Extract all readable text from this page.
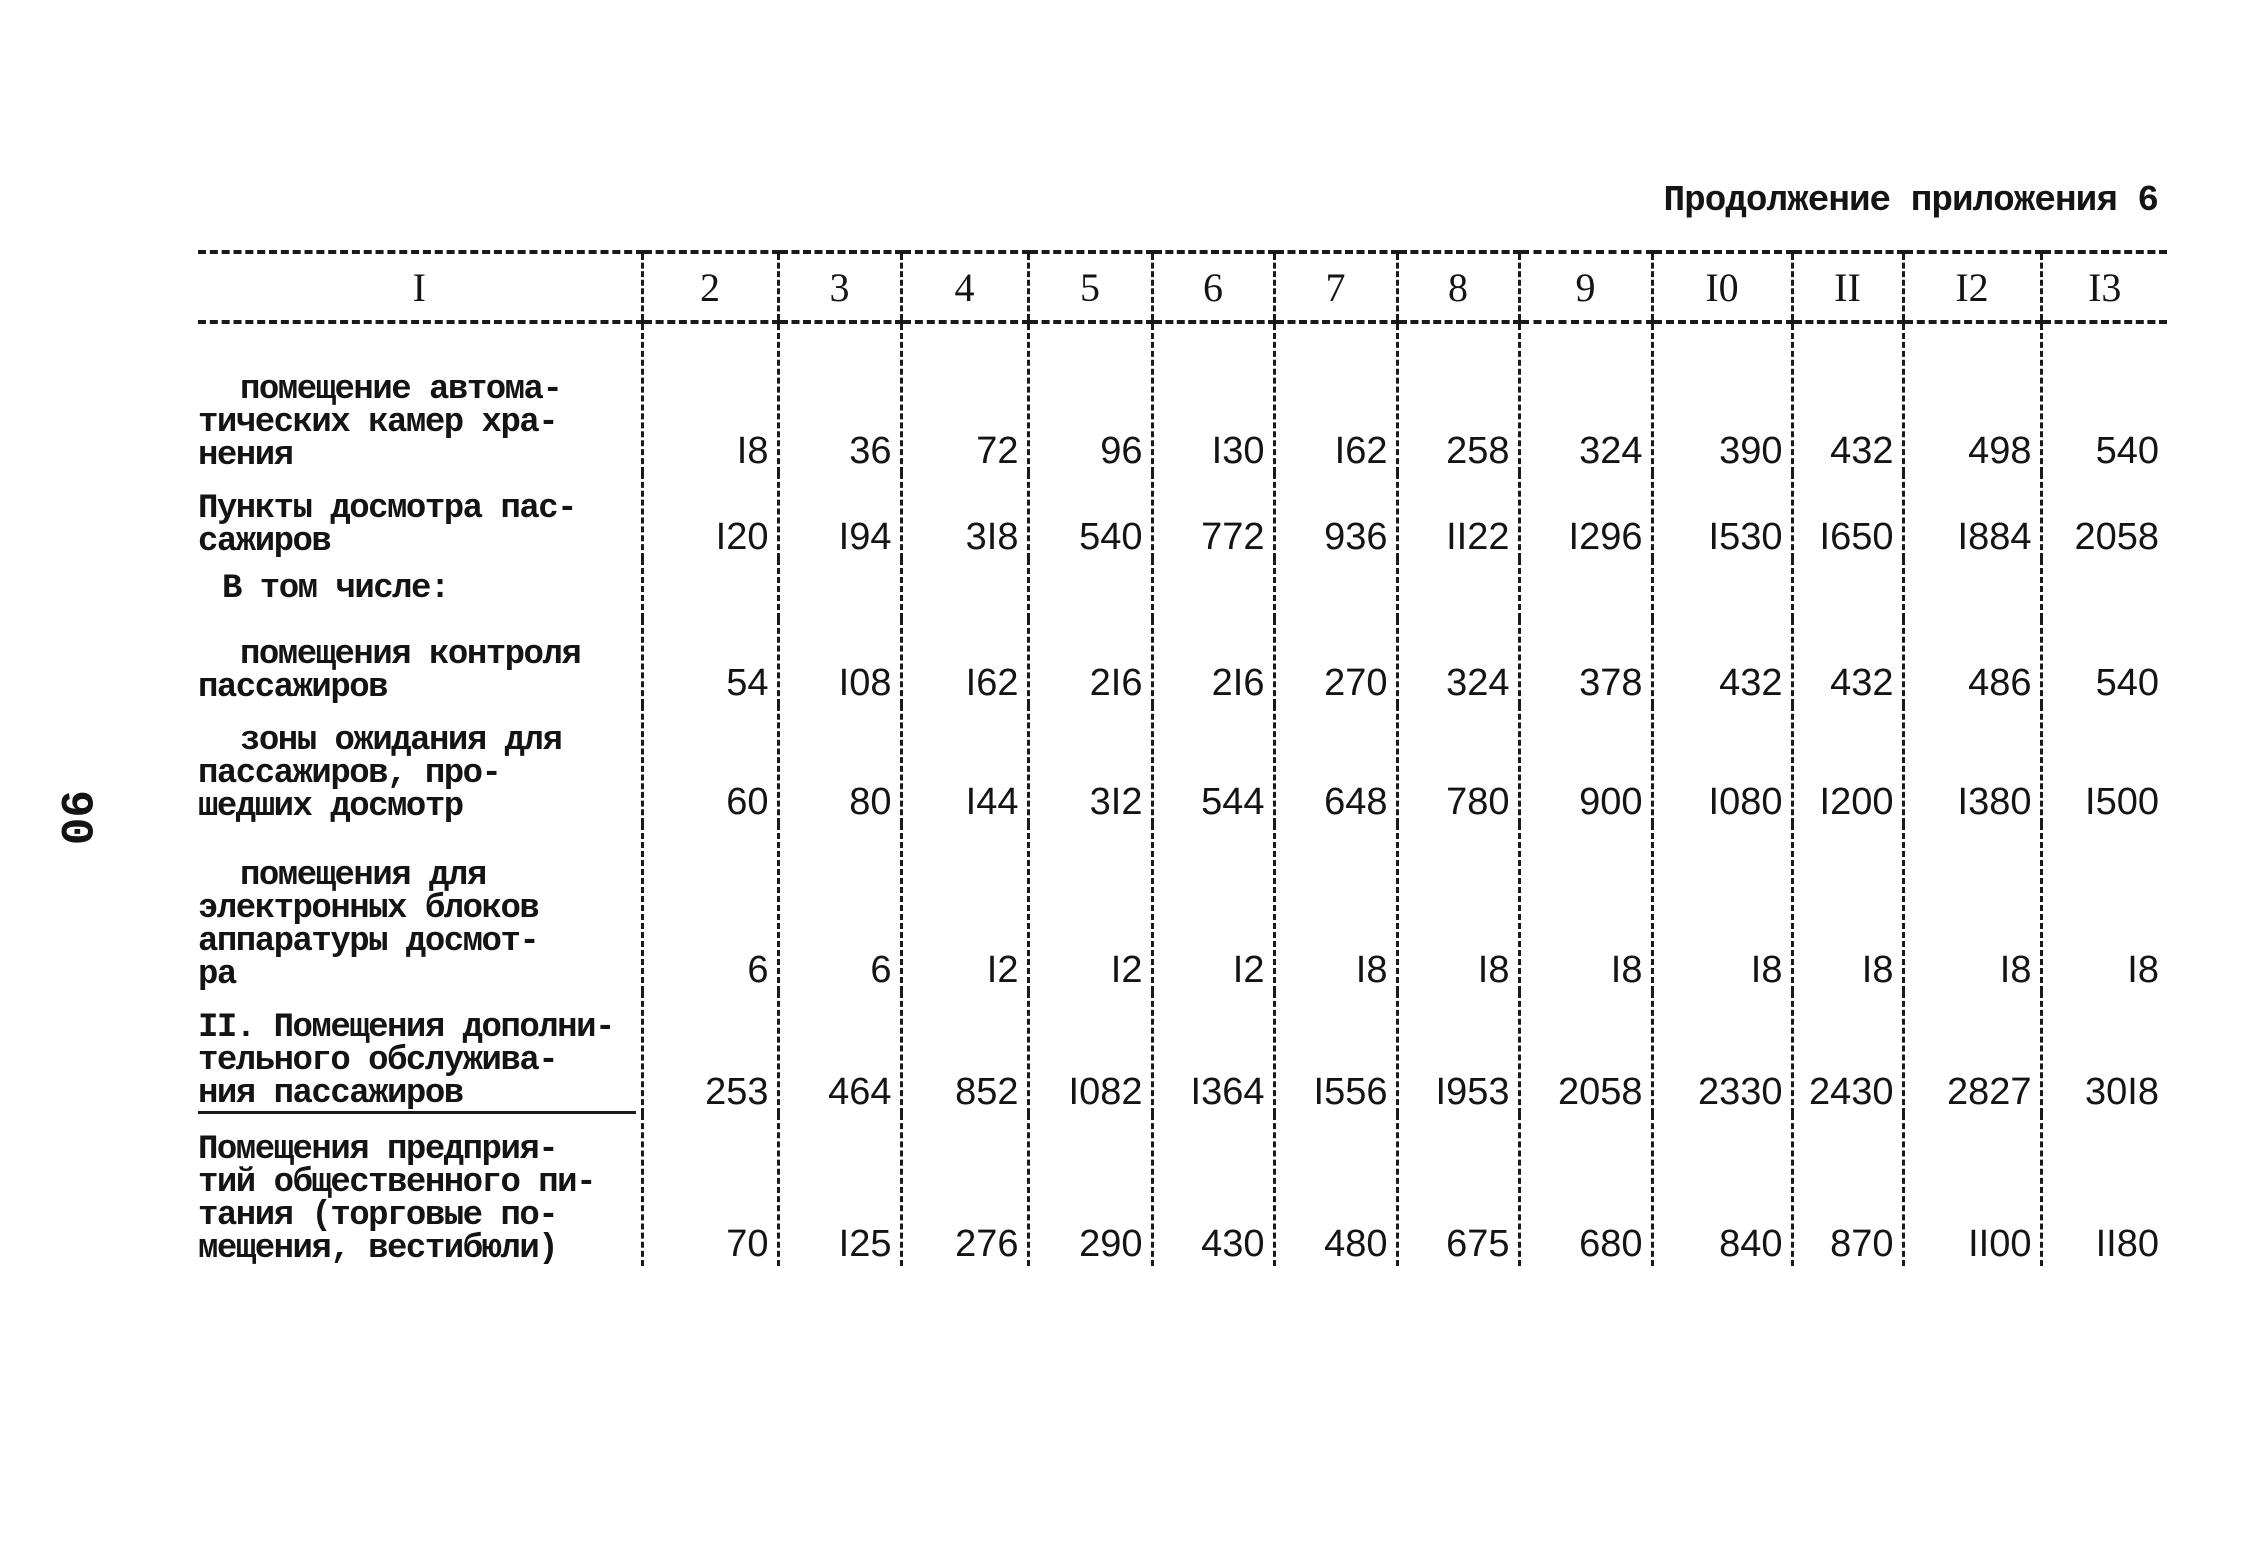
90
Продолжение приложения 6
I	2	3	4	5	6	7	8	9	I0	II	I2	I3
помещение автома-
тических камер хра-
нения	I8	36	72	96	I30	I62	258	324	390	432	498	540
Пункты досмотра пас-
сажиров	I20	I94	3I8	540	772	936	II22	I296	I530	I650	I884	2058
В том числе:												
помещения контроля
пассажиров	54	I08	I62	2I6	2I6	270	324	378	432	432	486	540
зоны ожидания для
пассажиров, про-
шедших досмотр	60	80	I44	3I2	544	648	780	900	I080	I200	I380	I500
помещения для
электронных блоков
аппаратуры досмот-
ра	6	6	I2	I2	I2	I8	I8	I8	I8	I8	I8	I8
II. Помещения дополни-
тельного обслужива-
ния пассажиров	253	464	852	I082	I364	I556	I953	2058	2330	2430	2827	30I8
Помещения предприя-
тий общественного пи-
тания (торговые по-
мещения, вестибюли)	70	I25	276	290	430	480	675	680	840	870	II00	II80
